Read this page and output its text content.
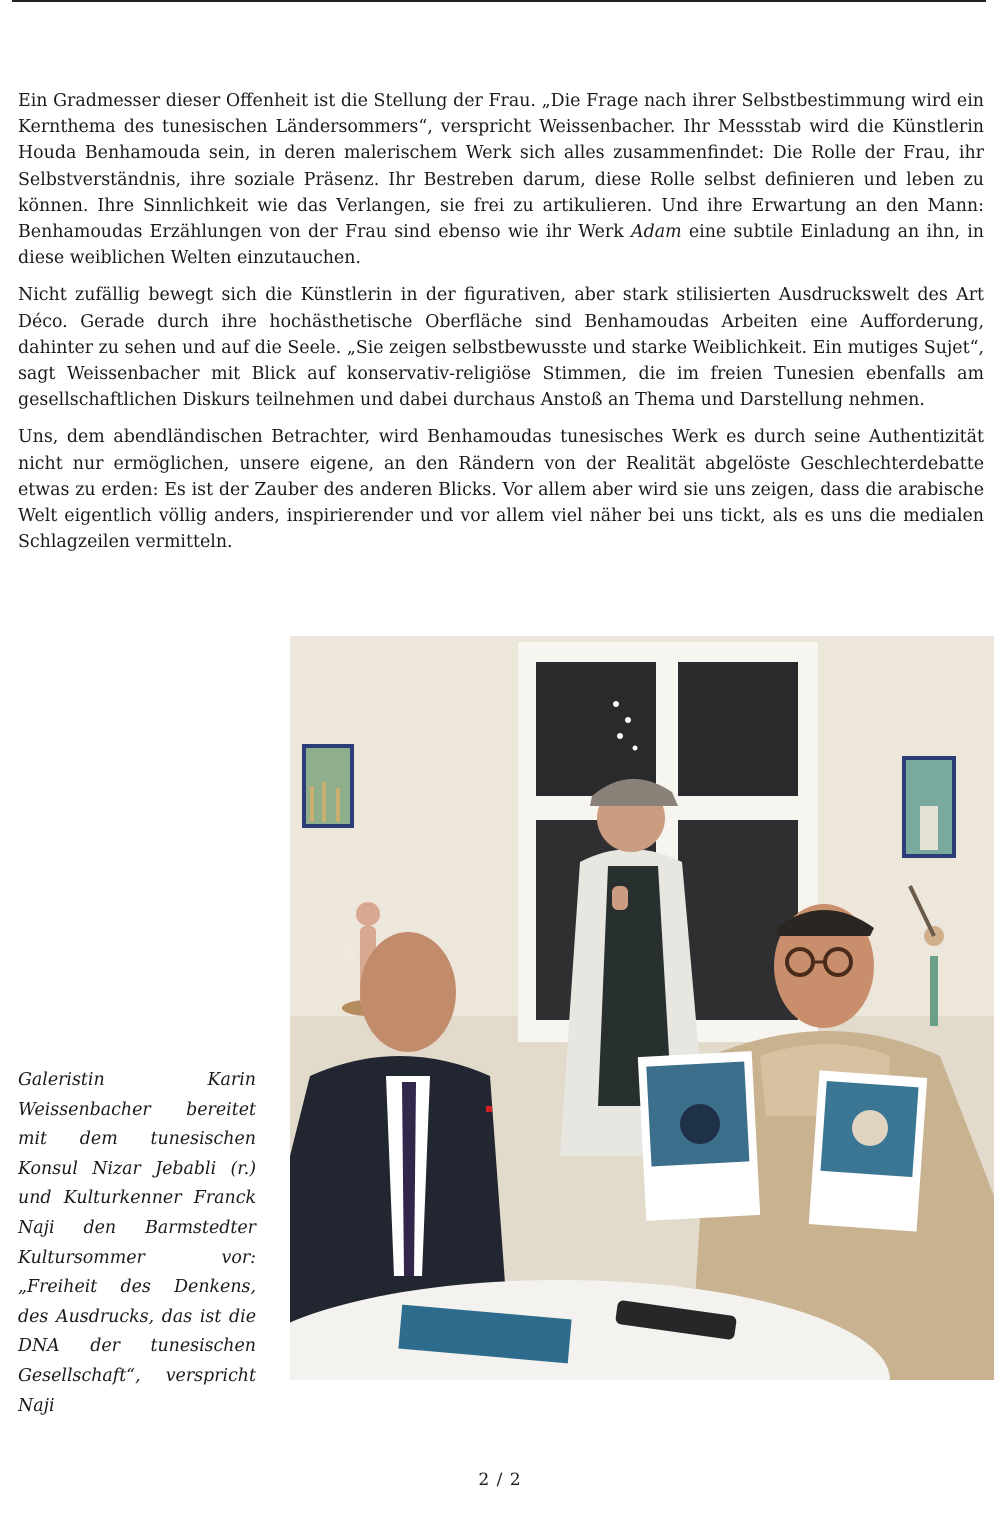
Ein Gradmesser dieser Offenheit ist die Stellung der Frau. „Die Frage nach ihrer Selbstbestimmung wird ein Kernthema des tunesischen Ländersommers“, verspricht Weissenbacher. Ihr Messstab wird die Künstlerin Houda Benhamouda sein, in deren malerischem Werk sich alles zusammenfindet: Die Rolle der Frau, ihr Selbstverständnis, ihre soziale Präsenz. Ihr Bestreben darum, diese Rolle selbst definieren und leben zu können. Ihre Sinnlichkeit wie das Verlangen, sie frei zu artikulieren. Und ihre Erwartung an den Mann: Benhamoudas Erzählungen von der Frau sind ebenso wie ihr Werk Adam eine subtile Einladung an ihn, in diese weiblichen Welten einzutauchen.

Nicht zufällig bewegt sich die Künstlerin in der figurativen, aber stark stilisierten Ausdruckswelt des Art Déco. Gerade durch ihre hochästhetische Oberfläche sind Benhamoudas Arbeiten eine Aufforderung, dahinter zu sehen und auf die Seele. „Sie zeigen selbstbewusste und starke Weiblichkeit. Ein mutiges Sujet“, sagt Weissenbacher mit Blick auf konservativ-religiöse Stimmen, die im freien Tunesien ebenfalls am gesellschaftlichen Diskurs teilnehmen und dabei durchaus Anstoß an Thema und Darstellung nehmen.

Uns, dem abendländischen Betrachter, wird Benhamoudas tunesisches Werk es durch seine Authentizität nicht nur ermöglichen, unsere eigene, an den Rändern von der Realität abgelöste Geschlechterdebatte etwas zu erden: Es ist der Zauber des anderen Blicks. Vor allem aber wird sie uns zeigen, dass die arabische Welt eigentlich völlig anders, inspirierender und vor allem viel näher bei uns tickt, als es uns die medialen Schlagzeilen vermitteln.

Galeristin Karin Weissenbacher bereitet mit dem tunesischen Konsul Nizar Jebabli (r.) und Kulturkenner Franck Naji den Barmstedter Kultursommer vor: „Freiheit des Denkens, des Ausdrucks, das ist die DNA der tunesischen Gesellschaft“, verspricht Naji
2 / 2
